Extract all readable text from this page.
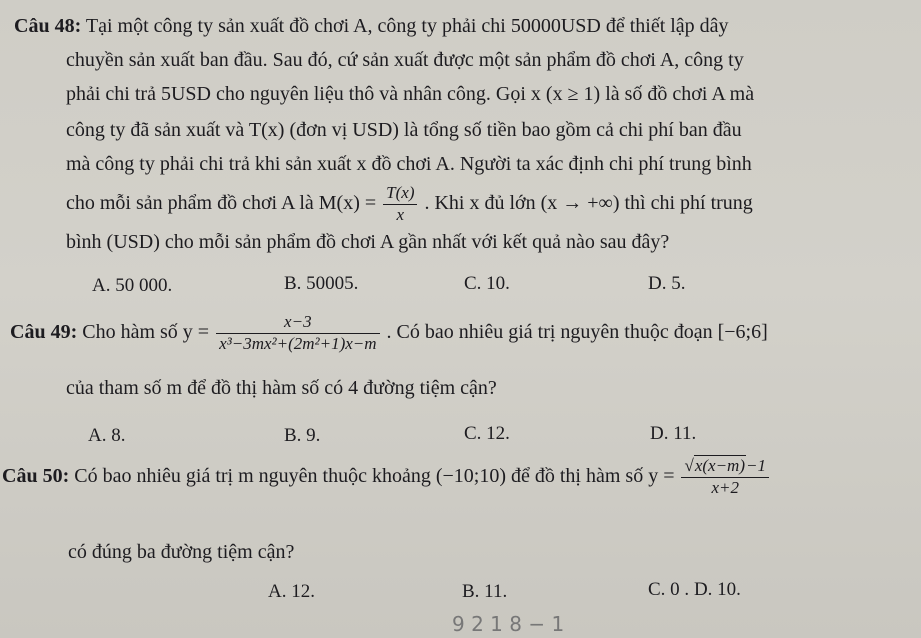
Câu 48: Tại một công ty sản xuất đồ chơi A, công ty phải chi 50000USD để thiết lập dây
chuyền sản xuất ban đầu. Sau đó, cứ sản xuất được một sản phẩm đồ chơi A, công ty
phải chi trả 5USD cho nguyên liệu thô và nhân công. Gọi x (x ≥ 1) là số đồ chơi A mà
công ty đã sản xuất và T(x) (đơn vị USD) là tổng số tiền bao gồm cả chi phí ban đầu
mà công ty phải chi trả khi sản xuất x đồ chơi A. Người ta xác định chi phí trung bình
cho mỗi sản phẩm đồ chơi A là $M(x) = \frac{T(x)}{x}$ . Khi x đủ lớn (x → +∞) thì chi phí trung
bình (USD) cho mỗi sản phẩm đồ chơi A gần nhất với kết quả nào sau đây?
A. 50 000.	B. 50005.	C. 10.	D. 5.
Câu 49: Cho hàm số $y = \frac{x-3}{\text{x³−3mx²+(2m²+1)x−m}}$ . Có bao nhiêu giá trị nguyên thuộc đoạn [−6;6]
của tham số m để đồ thị hàm số có 4 đường tiệm cận?
A. 8.	B. 9.	C. 12.	D. 11.
Câu 50: Có bao nhiêu giá trị m nguyên thuộc khoảng (−10;10) để đồ thị hàm số $y = \frac{√x(x-m)-1}{x+2}$
có đúng ba đường tiệm cận?
A. 12.	B. 11.	C. 0 . D. 10.
9 2 1 8 − 1
